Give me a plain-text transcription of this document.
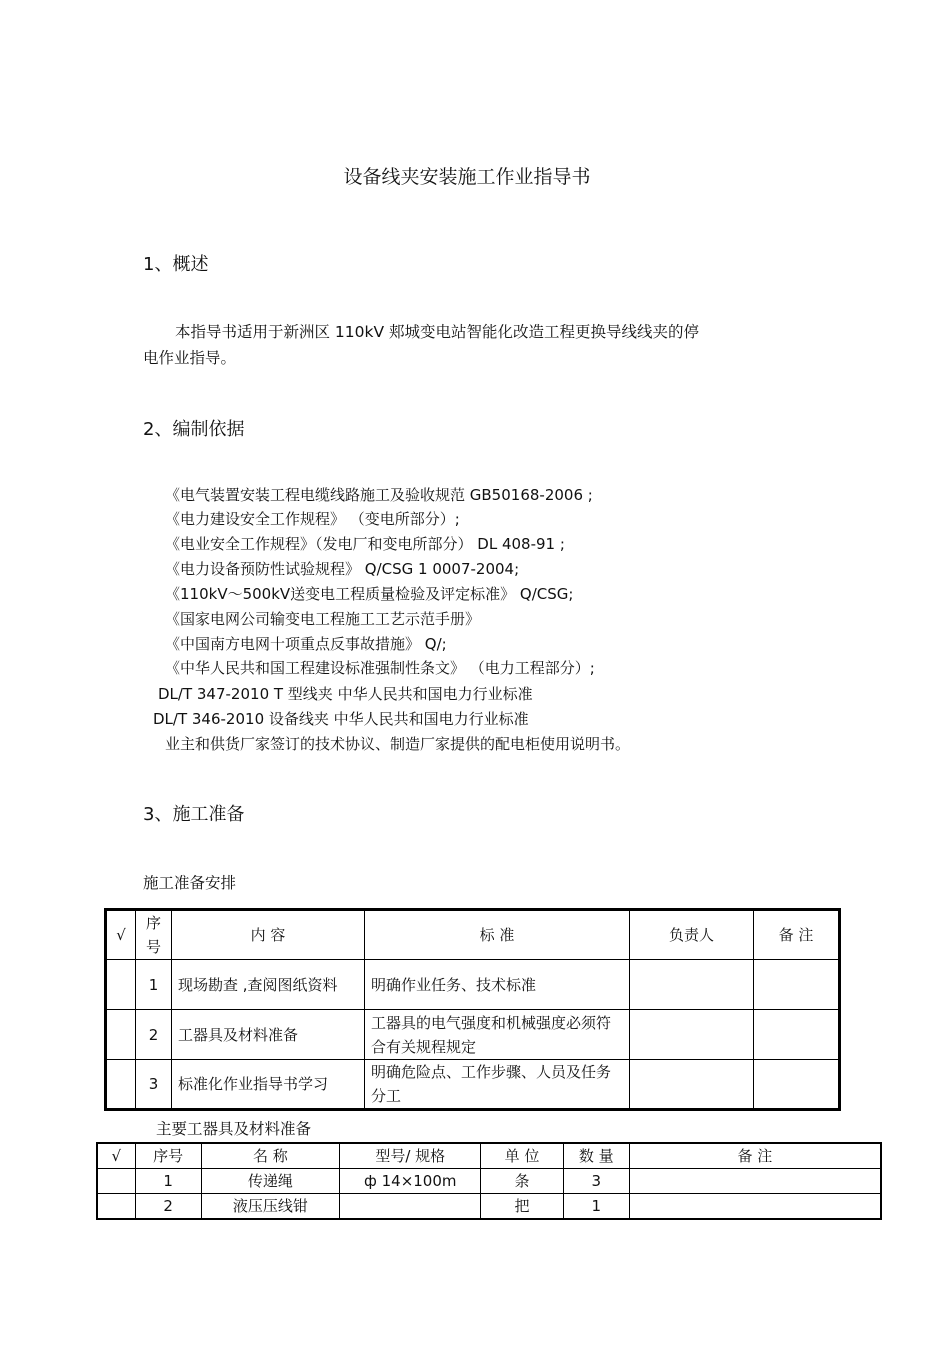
设备线夹安装施工作业指导书
1、概述
本指导书适用于新洲区 110kV 郏城变电站智能化改造工程更换导线线夹的停
电作业指导。
2、编制依据
《电气装置安装工程电缆线路施工及验收规范 GB50168-2006 ;
《电力建设安全工作规程》 （变电所部分）;
《电业安全工作规程》（发电厂和变电所部分） DL 408-91 ;
《电力设备预防性试验规程》 Q/CSG 1 0007-2004;
《110kV～500kV送变电工程质量检验及评定标准》 Q/CSG;
《国家电网公司输变电工程施工工艺示范手册》
《中国南方电网十项重点反事故措施》 Q/;
《中华人民共和国工程建设标准强制性条文》 （电力工程部分）;
DL/T 347-2010 T 型线夹 中华人民共和国电力行业标准
DL/T 346-2010 设备线夹 中华人民共和国电力行业标准
业主和供货厂家签订的技术协议、制造厂家提供的配电柜使用说明书。
3、施工准备
施工准备安排
√	序号	内 容	标 准	负责人	备 注
	1	现场勘查 ,查阅图纸资料	明确作业任务、技术标准		
	2	工器具及材料准备	工器具的电气强度和机械强度必须符合有关规程规定		
	3	标准化作业指导书学习	明确危险点、工作步骤、人员及任务分工		
主要工器具及材料准备
√	序号	名 称	型号/ 规格	单 位	数 量	备 注
	1	传递绳	ф 14×100m	条	3	
	2	液压压线钳		把	1	
